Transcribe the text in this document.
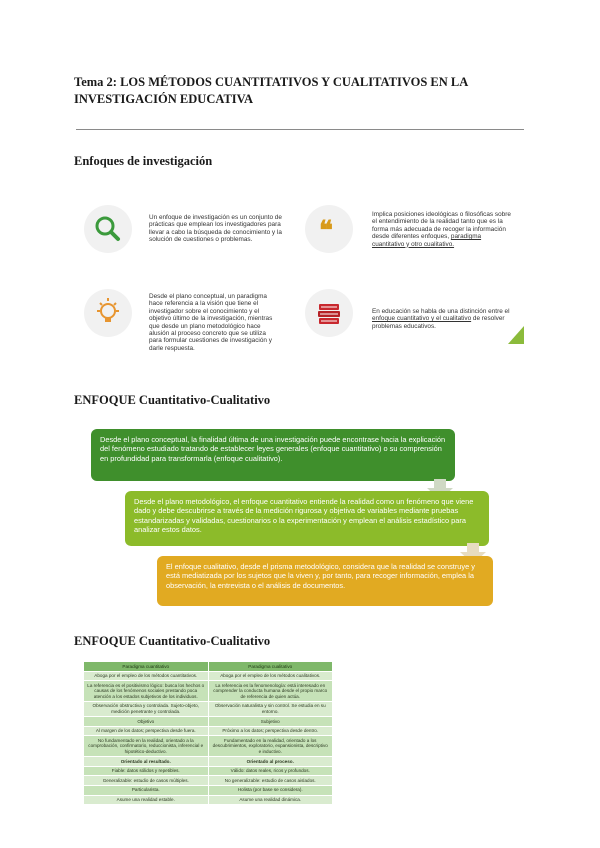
Tema 2: LOS MÉTODOS CUANTITATIVOS Y CUALITATIVOS EN LA INVESTIGACIÓN EDUCATIVA
Enfoques de investigación
Un enfoque de investigación es un conjunto de prácticas que emplean los investigadores para llevar a cabo la búsqueda de conocimiento y la solución de cuestiones o problemas.	❝
Implica posiciones ideológicas o filosóficas sobre el entendimiento de la realidad tanto que es la forma más adecuada de recoger la información desde diferentes enfoques, paradigma cuantitativo y otro cualitativo.
Desde el plano conceptual, un paradigma hace referencia a la visión que tiene el investigador sobre el conocimiento y el objetivo último de la investigación, mientras que desde un plano metodológico hace alusión al proceso concreto que se utiliza para formular cuestiones de investigación y darle respuesta.
En educación se habla de una distinción entre el enfoque cuantitativo y el cualitativo de resolver problemas educativos.
ENFOQUE Cuantitativo-Cualitativo
Desde el plano conceptual, la finalidad última de una investigación puede encontrase hacia la explicación del fenómeno estudiado tratando de establecer leyes generales (enfoque cuantitativo) o su comprensión en profundidad para transformarla (enfoque cualitativo).
Desde el plano metodológico, el enfoque cuantitativo entiende la realidad como un fenómeno que viene dado y debe descubrirse a través de la medición rigurosa y objetiva de variables mediante pruebas estandarizadas y validadas, cuestionarios o la experimentación y emplean el análisis estadístico para analizar estos datos.
El enfoque cualitativo, desde el prisma metodológico, considera que la realidad se construye y está mediatizada por los sujetos que la viven y, por tanto, para recoger información, emplea la observación, la entrevista o el análisis de documentos.
ENFOQUE Cuantitativo-Cualitativo
Paradigma cuantitativo	Paradigma cualitativo
Aboga por el empleo de los métodos cuantitativos.	Aboga por el empleo de los métodos cualitativos.
La referencia es el positivismo lógico: busca los hechos o causas de los fenómenos sociales prestando poca atención a los estados subjetivos de los individuos.	La referencia es la fenomenología: está interesado en comprender la conducta humana desde el propio marco de referencia de quien actúa.
Observación obstructiva y controlada. Sujeto-objeto, medición penetrante y controlada.	Observación naturalista y sin control. Se estudia en su entorno.
Objetivo	Subjetivo
Al margen de los datos; perspectiva desde fuera.	Próximo a los datos; perspectiva desde dentro.
No fundamentado en la realidad, orientado a la comprobación, confirmatorio, reduccionista, inferencial e hipotético-deductivo.	Fundamentado en la realidad, orientado a los descubrimientos, exploratorio, expansionista, descriptivo e inductivo.
Orientado al resultado.	Orientado al proceso.
Fiable: datos sólidos y repetibles.	Válido: datos reales, ricos y profundos.
Generalizable: estudio de casos múltiples.	No generalizable: estudio de casos aislados.
Particularista.	Holista (por base se considera).
Asume una realidad estable.	Asume una realidad dinámica.
